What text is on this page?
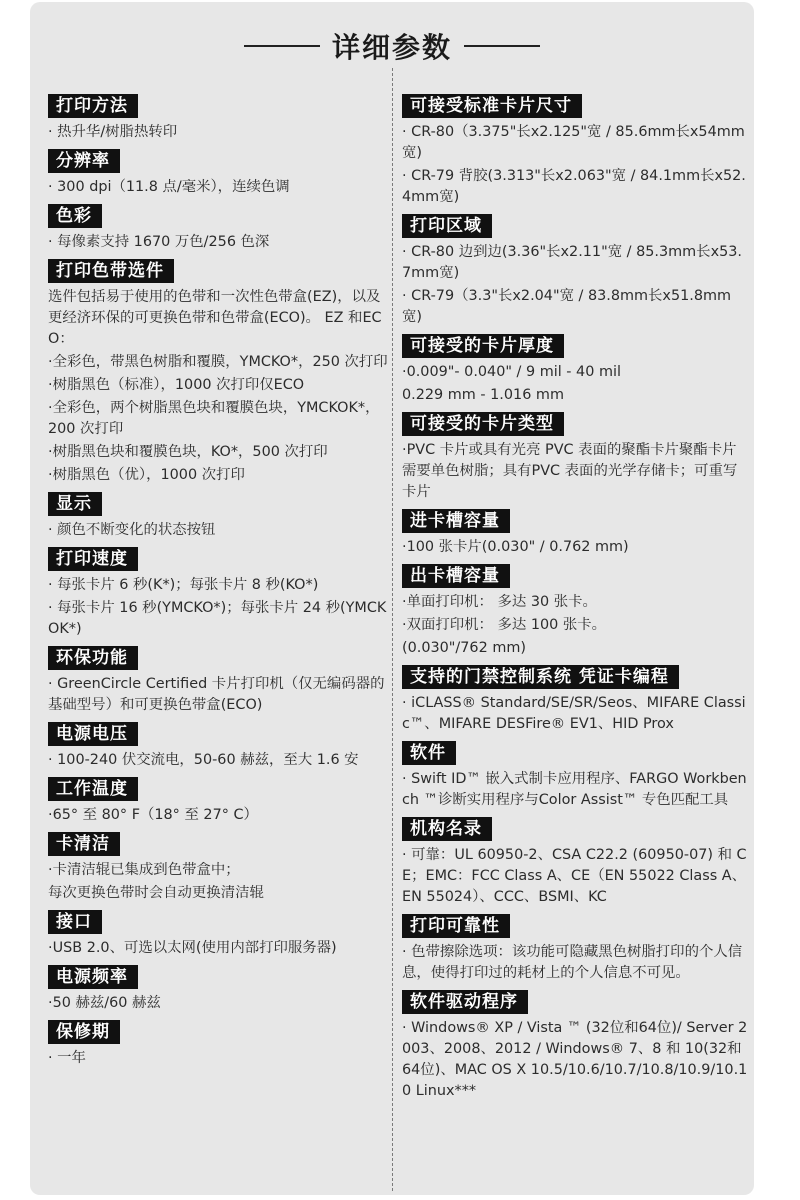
详细参数
打印方法
· 热升华/树脂热转印
分辨率
· 300 dpi（11.8 点/毫米），连续色调
色彩
· 每像素支持 1670 万色/256 色深
打印色带选件
选件包括易于使用的色带和一次性色带盒(EZ)，以及更经济环保的可更换色带和色带盒(ECO)。 EZ 和ECO：
·全彩色，带黑色树脂和覆膜，YMCKO*，250 次打印
·树脂黑色（标准），1000 次打印仅ECO
·全彩色，两个树脂黑色块和覆膜色块，YMCKOK*，200 次打印
·树脂黑色块和覆膜色块，KO*，500 次打印
·树脂黑色（优），1000 次打印
显示
· 颜色不断变化的状态按钮
打印速度
· 每张卡片 6 秒(K*)；每张卡片 8 秒(KO*)
· 每张卡片 16 秒(YMCKO*)；每张卡片 24 秒(YMCKOK*)
环保功能
· GreenCircle Certified 卡片打印机（仅无编码器的基础型号）和可更换色带盒(ECO)
电源电压
· 100-240 伏交流电，50-60 赫兹，至大 1.6 安
工作温度
·65° 至 80° F（18° 至 27° C）
卡清洁
·卡清洁辊已集成到色带盒中；
每次更换色带时会自动更换清洁辊
接口
·USB 2.0、可选以太网(使用内部打印服务器)
电源频率
·50 赫兹/60 赫兹
保修期
· 一年
可接受标准卡片尺寸
· CR-80（3.375"长x2.125"宽 / 85.6mm长x54mm宽)
· CR-79 背胶(3.313"长x2.063"宽 / 84.1mm长x52.4mm宽)
打印区域
· CR-80 边到边(3.36"长x2.11"宽 / 85.3mm长x53.7mm宽)
· CR-79（3.3"长x2.04"宽 / 83.8mm长x51.8mm宽)
可接受的卡片厚度
·0.009"- 0.040" / 9 mil - 40 mil
0.229 mm - 1.016 mm
可接受的卡片类型
·PVC 卡片或具有光亮 PVC 表面的聚酯卡片聚酯卡片需要单色树脂；具有PVC 表面的光学存储卡；可重写卡片
进卡槽容量
·100 张卡片(0.030" / 0.762 mm)
出卡槽容量
·单面打印机： 多达 30 张卡。
·双面打印机： 多达 100 张卡。
(0.030"/762 mm)
支持的门禁控制系统 凭证卡编程
· iCLASS® Standard/SE/SR/Seos、MIFARE Classic™、MIFARE DESFire® EV1、HID Prox
软件
· Swift ID™ 嵌入式制卡应用程序、FARGO Workbench ™诊断实用程序与Color Assist™ 专色匹配工具
机构名录
· 可靠：UL 60950-2、CSA C22.2 (60950-07) 和 CE；EMC：FCC Class A、CE（EN 55022 Class A、EN 55024）、CCC、BSMI、KC
打印可靠性
· 色带擦除选项：该功能可隐藏黑色树脂打印的个人信息，使得打印过的耗材上的个人信息不可见。
软件驱动程序
· Windows® XP / Vista ™ (32位和64位)/ Server 2003、2008、2012 / Windows® 7、8 和 10(32和64位)、MAC OS X 10.5/10.6/10.7/10.8/10.9/10.10 Linux***
